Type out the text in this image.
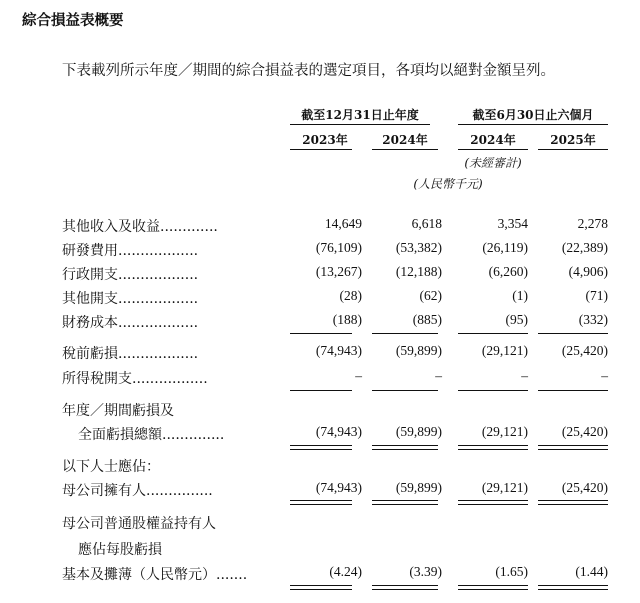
綜合損益表概要
下表載列所示年度／期間的綜合損益表的選定項目，各項均以絕對金額呈列。
截至12月31日止年度	截至6月30日止六個月
2023年	2024年	2024年	2025年
(未經審計)
(人民幣千元)
其他收入及收益.............	14,649	6,618	3,354	2,278
研發費用..................	(76,109)	(53,382)	(26,119)	(22,389)
行政開支..................	(13,267)	(12,188)	(6,260)	(4,906)
其他開支..................	(28)	(62)	(1)	(71)
財務成本..................	(188)	(885)	(95)	(332)
稅前虧損..................	(74,943)	(59,899)	(29,121)	(25,420)
所得稅開支.................	–	–	–	–
年度／期間虧損及
全面虧損總額..............	(74,943)	(59,899)	(29,121)	(25,420)
以下人士應佔：
母公司擁有人...............	(74,943)	(59,899)	(29,121)	(25,420)
母公司普通股權益持有人
應佔每股虧損
基本及攤薄（人民幣元）.......	(4.24)	(3.39)	(1.65)	(1.44)
